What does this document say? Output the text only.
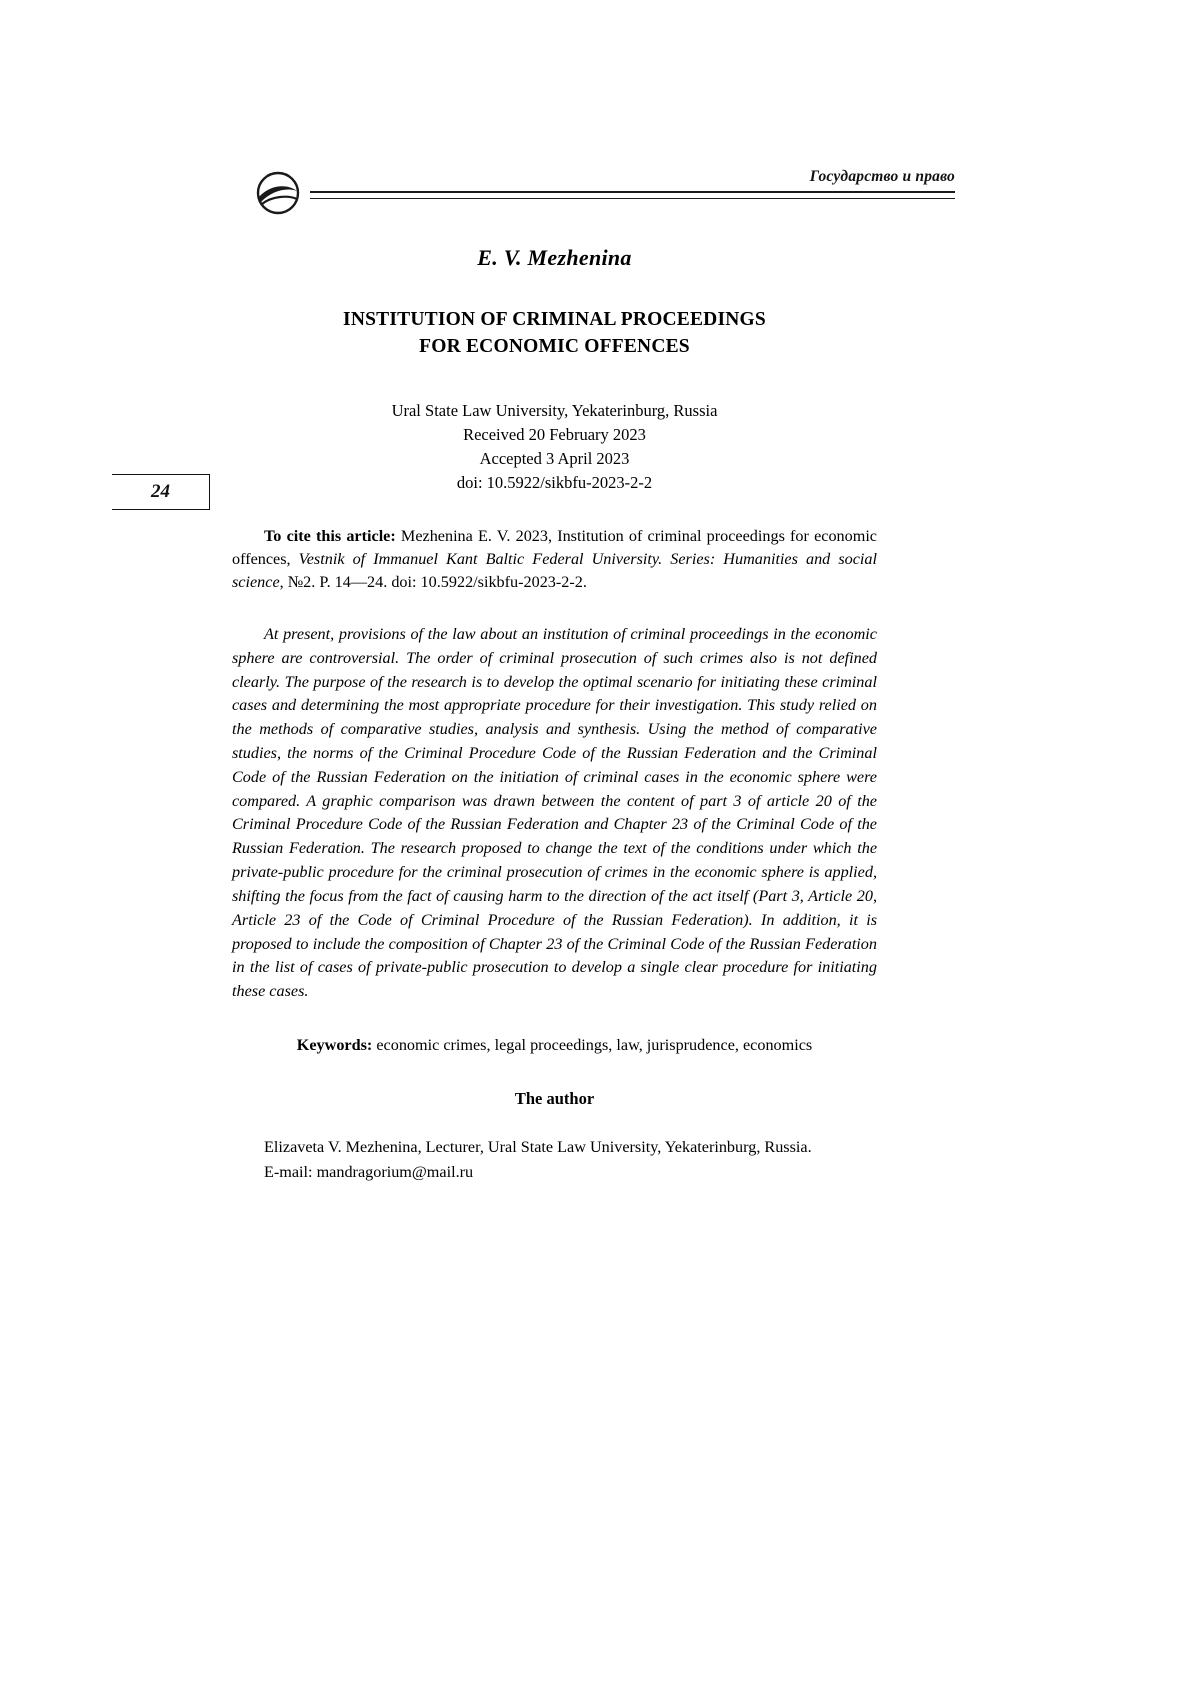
Государство и право
24
E. V. Mezhenina
INSTITUTION OF CRIMINAL PROCEEDINGS
FOR ECONOMIC OFFENCES
Ural State Law University, Yekaterinburg, Russia
Received 20 February 2023
Accepted 3 April 2023
doi: 10.5922/sikbfu-2023-2-2

To cite this article: Mezhenina E. V. 2023, Institution of criminal proceedings for economic offences, Vestnik of Immanuel Kant Baltic Federal University. Series: Humanities and social science, №2. P. 14—24. doi: 10.5922/sikbfu-2023-2-2.

At present, provisions of the law about an institution of criminal proceedings in the economic sphere are controversial. The order of criminal prosecution of such crimes also is not defined clearly. The purpose of the research is to develop the optimal scenario for initiating these criminal cases and determining the most appropriate procedure for their investigation. This study relied on the methods of comparative studies, analysis and synthesis. Using the method of comparative studies, the norms of the Criminal Procedure Code of the Russian Federation and the Criminal Code of the Russian Federation on the initiation of criminal cases in the economic sphere were compared. A graphic comparison was drawn between the content of part 3 of article 20 of the Criminal Procedure Code of the Russian Federation and Chapter 23 of the Criminal Code of the Russian Federation. The research proposed to change the text of the conditions under which the private-public procedure for the criminal prosecution of crimes in the economic sphere is applied, shifting the focus from the fact of causing harm to the direction of the act itself (Part 3, Article 20, Article 23 of the Code of Criminal Procedure of the Russian Federation). In addition, it is proposed to include the composition of Chapter 23 of the Criminal Code of the Russian Federation in the list of cases of private-public prosecution to develop a single clear procedure for initiating these cases.

Keywords: economic crimes, legal proceedings, law, jurisprudence, economics

The author

Elizaveta V. Mezhenina, Lecturer, Ural State Law University, Yekaterinburg, Russia.

E-mail: mandragorium@mail.ru
